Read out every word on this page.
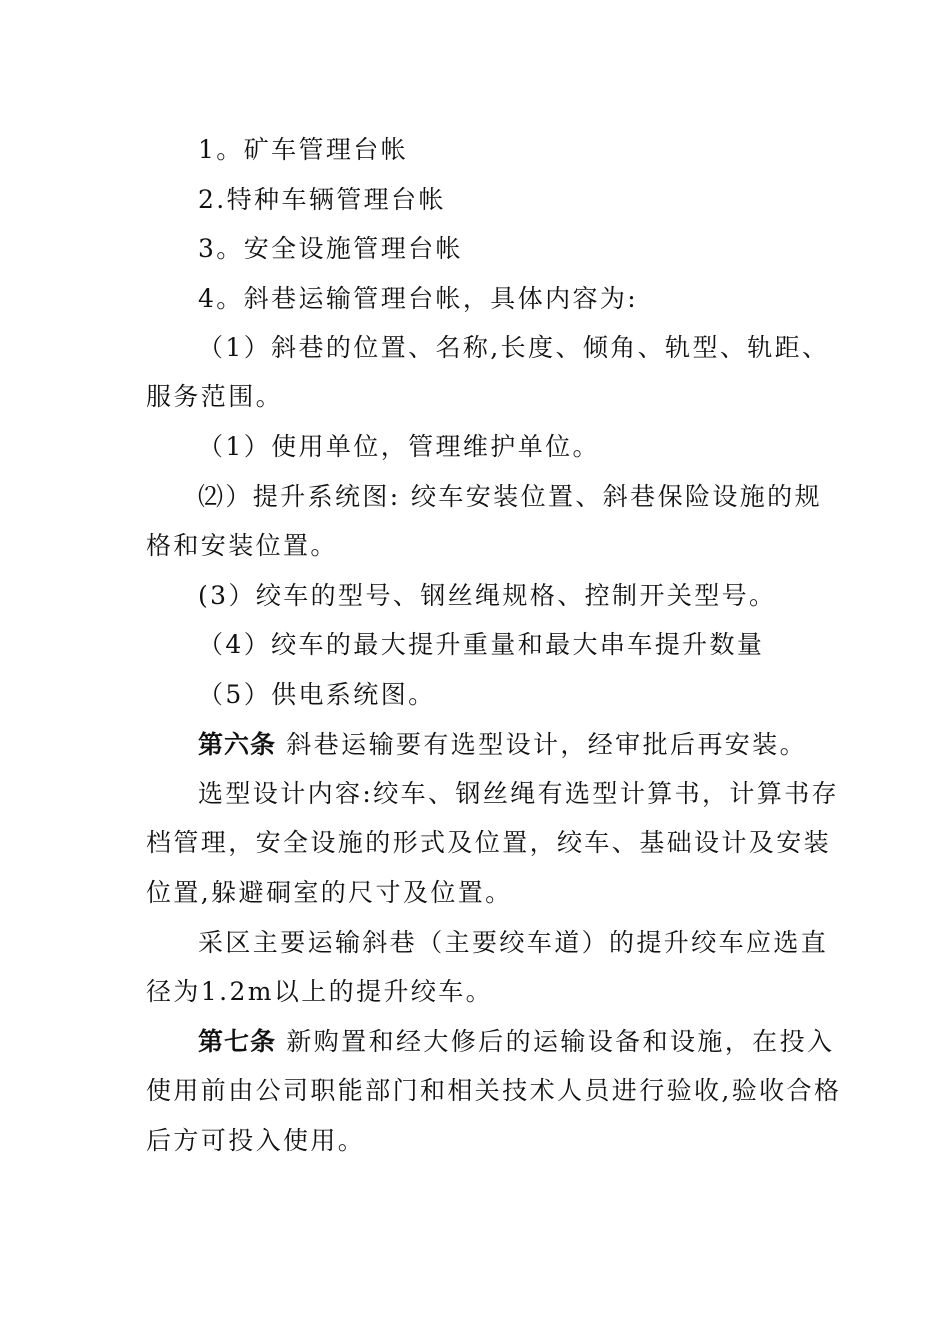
1。矿车管理台帐
2.特种车辆管理台帐
3。安全设施管理台帐
4。斜巷运输管理台帐，具体内容为:
（1）斜巷的位置、名称,长度、倾角、轨型、轨距、
服务范围。
（1）使用单位，管理维护单位。
⑵）提升系统图: 绞车安装位置、斜巷保险设施的规
格和安装位置。
(3）绞车的型号、钢丝绳规格、控制开关型号。
（4）绞车的最大提升重量和最大串车提升数量
（5）供电系统图。
第六条 斜巷运输要有选型设计，经审批后再安装。
选型设计内容:绞车、钢丝绳有选型计算书，计算书存
档管理，安全设施的形式及位置，绞车、基础设计及安装
位置,躲避硐室的尺寸及位置。
采区主要运输斜巷（主要绞车道）的提升绞车应选直
径为1.2m以上的提升绞车。
第七条 新购置和经大修后的运输设备和设施，在投入
使用前由公司职能部门和相关技术人员进行验收,验收合格
后方可投入使用。
